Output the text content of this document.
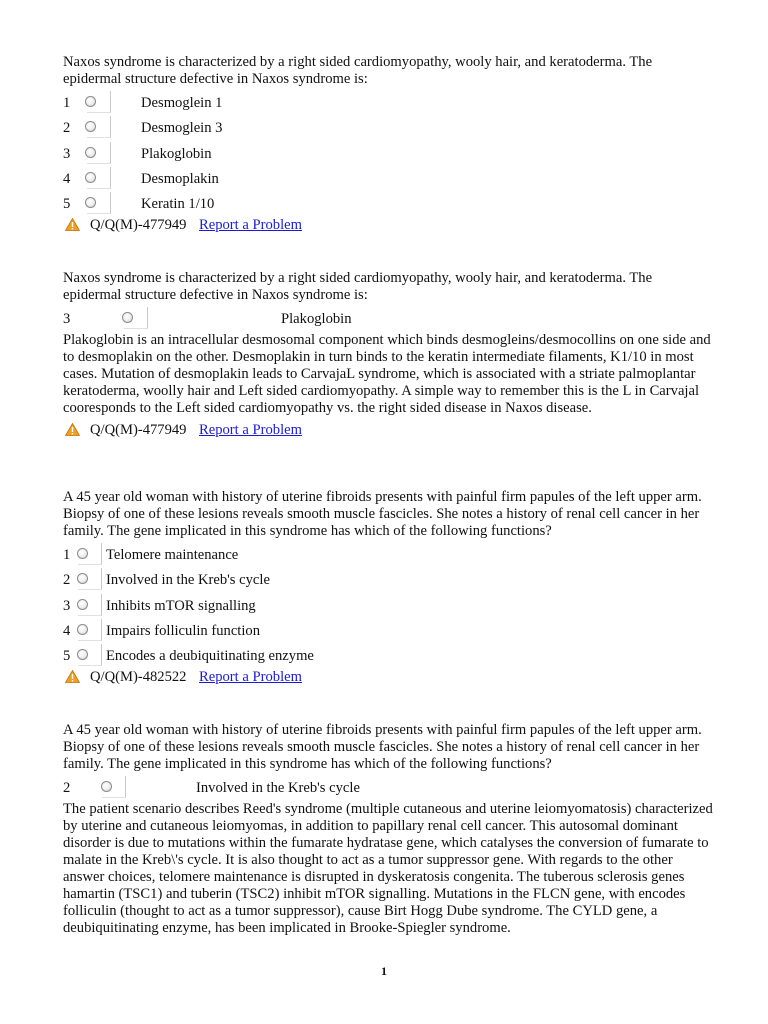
Naxos syndrome is characterized by a right sided cardiomyopathy, wooly hair, and keratoderma. The epidermal structure defective in Naxos syndrome is:

1	Desmoglein 1
2	Desmoglein 3
3	Plakoglobin
4	Desmoplakin
5	Keratin 1/10
Q/Q(M)-477949 Report a Problem

Naxos syndrome is characterized by a right sided cardiomyopathy, wooly hair, and keratoderma. The epidermal structure defective in Naxos syndrome is:

3	Plakoglobin

Plakoglobin is an intracellular desmosomal component which binds desmogleins/desmocollins on one side and to desmoplakin on the other. Desmoplakin in turn binds to the keratin intermediate filaments, K1/10 in most cases. Mutation of desmoplakin leads to CarvajaL syndrome, which is associated with a striate palmoplantar keratoderma, woolly hair and Left sided cardiomyopathy. A simple way to remember this is the L in Carvajal cooresponds to the Left sided cardiomyopathy vs. the right sided disease in Naxos disease.

Q/Q(M)-477949 Report a Problem

A 45 year old woman with history of uterine fibroids presents with painful firm papules of the left upper arm. Biopsy of one of these lesions reveals smooth muscle fascicles. She notes a history of renal cell cancer in her family. The gene implicated in this syndrome has which of the following functions?

1 Telomere maintenance
2 Involved in the Kreb's cycle
3 Inhibits mTOR signalling
4 Impairs folliculin function
5 Encodes a deubiquitinating enzyme
Q/Q(M)-482522 Report a Problem

A 45 year old woman with history of uterine fibroids presents with painful firm papules of the left upper arm. Biopsy of one of these lesions reveals smooth muscle fascicles. She notes a history of renal cell cancer in her family. The gene implicated in this syndrome has which of the following functions?

2	Involved in the Kreb's cycle

The patient scenario describes Reed's syndrome (multiple cutaneous and uterine leiomyomatosis) characterized by uterine and cutaneous leiomyomas, in addition to papillary renal cell cancer. This autosomal dominant disorder is due to mutations within the fumarate hydratase gene, which catalyses the conversion of fumarate to malate in the Kreb\'s cycle. It is also thought to act as a tumor suppressor gene. With regards to the other answer choices, telomere maintenance is disrupted in dyskeratosis congenita. The tuberous sclerosis genes hamartin (TSC1) and tuberin (TSC2) inhibit mTOR signalling. Mutations in the FLCN gene, with encodes folliculin (thought to act as a tumor suppressor), cause Birt Hogg Dube syndrome. The CYLD gene, a deubiquitinating enzyme, has been implicated in Brooke-Spiegler syndrome.

1
